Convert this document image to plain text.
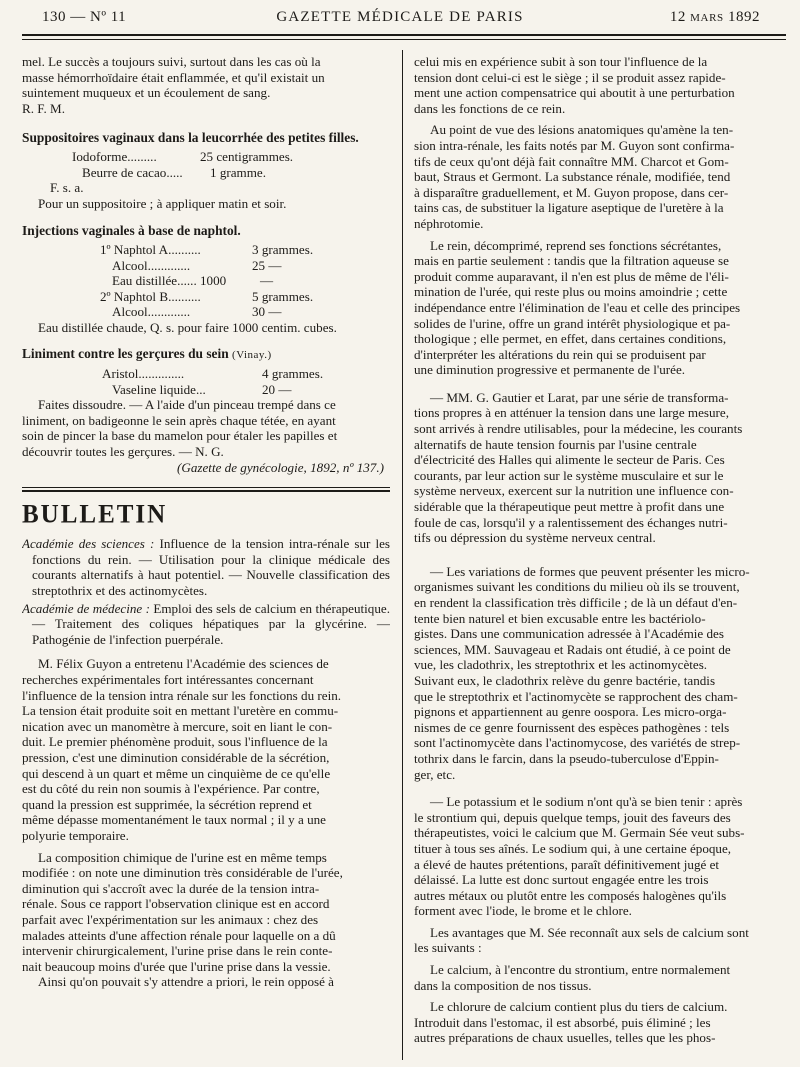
130 — Nº 11	GAZETTE MÉDICALE DE PARIS	12 MARS 1892

mel. Le succès a toujours suivi, surtout dans les cas où la

masse hémorrhoïdaire était enflammée, et qu'il existait un

suintement muqueux et un écoulement de sang.

R. F. M.

Suppositoires vaginaux dans la leucorrhée des petites filles.

Iodoforme.........	25 centigrammes.

Beurre de cacao.....	1 gramme.

F. s. a.

Pour un suppositoire ; à appliquer matin et soir.

Injections vaginales à base de naphtol.

1º Naphtol A..........	3 grammes.

Alcool.............	25 —

Eau distillée...... 1000	—

2º Naphtol B..........	5 grammes.

Alcool.............	30 —

Eau distillée chaude, Q. s. pour faire 1000 centim. cubes.

Liniment contre les gerçures du sein (Vinay.)

Aristol..............	4 grammes.

Vaseline liquide...	20 —

Faites dissoudre. — A l'aide d'un pinceau trempé dans ce

liniment, on badigeonne le sein après chaque tétée, en ayant

soin de pincer la base du mamelon pour étaler les papilles et

découvrir toutes les gerçures. — N. G.

(Gazette de gynécologie, 1892, nº 137.)

BULLETIN

Académie des sciences : Influence de la tension intra-rénale sur les fonctions du rein. — Utilisation pour la clinique médicale des courants alternatifs à haut potentiel. — Nouvelle classification des streptothrix et des actinomycètes.

Académie de médecine : Emploi des sels de calcium en thérapeutique. — Traitement des coliques hépatiques par la glycérine. — Pathogénie de l'infection puerpérale.

M. Félix Guyon a entretenu l'Académie des sciences de

recherches expérimentales fort intéressantes concernant

l'influence de la tension intra rénale sur les fonctions du rein.

La tension était produite soit en mettant l'uretère en commu-

nication avec un manomètre à mercure, soit en liant le con-

duit. Le premier phénomène produit, sous l'influence de la

pression, c'est une diminution considérable de la sécrétion,

qui descend à un quart et même un cinquième de ce qu'elle

est du côté du rein non soumis à l'expérience. Par contre,

quand la pression est supprimée, la sécrétion reprend et

même dépasse momentanément le taux normal ; il y a une

polyurie temporaire.

La composition chimique de l'urine est en même temps

modifiée : on note une diminution très considérable de l'urée,

diminution qui s'accroît avec la durée de la tension intra-

rénale. Sous ce rapport l'observation clinique est en accord

parfait avec l'expérimentation sur les animaux : chez des

malades atteints d'une affection rénale pour laquelle on a dû

intervenir chirurgicalement, l'urine prise dans le rein conte-

nait beaucoup moins d'urée que l'urine prise dans la vessie.

Ainsi qu'on pouvait s'y attendre a priori, le rein opposé à

celui mis en expérience subit à son tour l'influence de la

tension dont celui-ci est le siège ; il se produit assez rapide-

ment une action compensatrice qui aboutit à une perturbation

dans les fonctions de ce rein.

Au point de vue des lésions anatomiques qu'amène la ten-

sion intra-rénale, les faits notés par M. Guyon sont confirma-

tifs de ceux qu'ont déjà fait connaître MM. Charcot et Gom-

baut, Straus et Germont. La substance rénale, modifiée, tend

à disparaître graduellement, et M. Guyon propose, dans cer-

tains cas, de substituer la ligature aseptique de l'uretère à la

néphrotomie.

Le rein, décomprimé, reprend ses fonctions sécrétantes,

mais en partie seulement : tandis que la filtration aqueuse se

produit comme auparavant, il n'en est plus de même de l'éli-

mination de l'urée, qui reste plus ou moins amoindrie ; cette

indépendance entre l'élimination de l'eau et celle des principes

solides de l'urine, offre un grand intérêt physiologique et pa-

thologique ; elle permet, en effet, dans certaines conditions,

d'interpréter les altérations du rein qui se produisent par

une diminution progressive et permanente de l'urée.

— MM. G. Gautier et Larat, par une série de transforma-

tions propres à en atténuer la tension dans une large mesure,

sont arrivés à rendre utilisables, pour la médecine, les courants

alternatifs de haute tension fournis par l'usine centrale

d'électricité des Halles qui alimente le secteur de Paris. Ces

courants, par leur action sur le système musculaire et sur le

système nerveux, exercent sur la nutrition une influence con-

sidérable que la thérapeutique peut mettre à profit dans une

foule de cas, lorsqu'il y a ralentissement des échanges nutri-

tifs ou dépression du système nerveux central.

— Les variations de formes que peuvent présenter les micro-

organismes suivant les conditions du milieu où ils se trouvent,

en rendent la classification très difficile ; de là un défaut d'en-

tente bien naturel et bien excusable entre les bactériolo-

gistes. Dans une communication adressée à l'Académie des

sciences, MM. Sauvageau et Radais ont étudié, à ce point de

vue, les cladothrix, les streptothrix et les actinomycètes.

Suivant eux, le cladothrix relève du genre bactérie, tandis

que le streptothrix et l'actinomycète se rapprochent des cham-

pignons et appartiennent au genre oospora. Les micro-orga-

nismes de ce genre fournissent des espèces pathogènes : tels

sont l'actinomycète dans l'actinomycose, des variétés de strep-

tothrix dans le farcin, dans la pseudo-tuberculose d'Eppin-

ger, etc.

— Le potassium et le sodium n'ont qu'à se bien tenir : après

le strontium qui, depuis quelque temps, jouit des faveurs des

thérapeutistes, voici le calcium que M. Germain Sée veut subs-

tituer à tous ses aînés. Le sodium qui, à une certaine époque,

a élevé de hautes prétentions, paraît définitivement jugé et

délaissé. La lutte est donc surtout engagée entre les trois

autres métaux ou plutôt entre les composés halogènes qu'ils

forment avec l'iode, le brome et le chlore.

Les avantages que M. Sée reconnaît aux sels de calcium sont

les suivants :

Le calcium, à l'encontre du strontium, entre normalement

dans la composition de nos tissus.

Le chlorure de calcium contient plus du tiers de calcium.

Introduit dans l'estomac, il est absorbé, puis éliminé ; les

autres préparations de chaux usuelles, telles que les phos-
